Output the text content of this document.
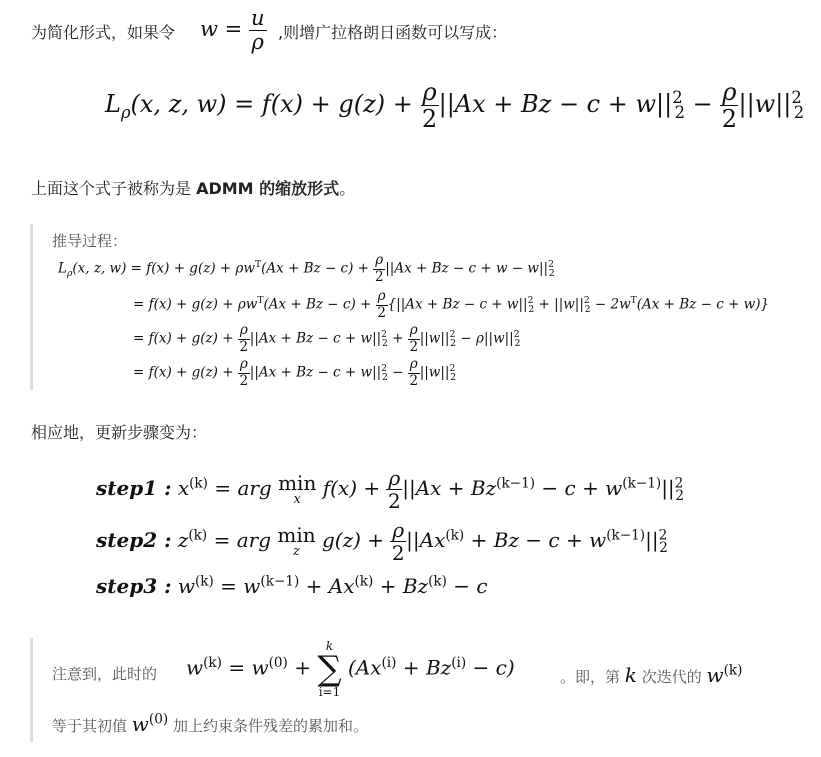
为简化形式，如果令 $w = \frac{u}{\rho}$ ,则增广拉格朗日函数可以写成：
$L_\rho(x$, z, $w) = f(x) + g(z) + \frac{\rho}{2} ||Ax + Bz - c + w||^2_2 - \frac{\rho}{2} ||w||^2_2$
上面这个式子被称为是 ADMM 的缩放形式。
推导过程：
$L_\rho(x$, z, $w) = f(x) + g(z) + \rho w^T(Ax + Bz - c) + \frac{\rho}{2} ||Ax + Bz - c + w - w||^2_2$
= $f(x) + g(z) + \rho w^T(Ax + Bz - c) + \frac{\rho}{2} \{||Ax + Bz - c + w||^2_2 + ||w||^2_2 - 2w^T(Ax + Bz - c + w)\}$
= $f(x) + g(z) + \frac{\rho}{2} ||Ax + Bz - c + w||^2_2 + \frac{\rho}{2} ||w||^2_2 - \rho||w||^2_2$
= $f(x) + g(z) + \frac{\rho}{2} ||Ax + Bz - c + w||^2_2 - \frac{\rho}{2} ||w||^2_2$
相应地，更新步骤变为：
step1 : $x^{(k)}$ = arg min
x	$f(x) + \frac{\rho}{2} ||Ax + Bz^{(k-1)} - c + w^{(k-1)}||^2_2$
step2 : $z^{(k)}$ = arg min
z	$g(z) + \frac{\rho}{2} ||Ax^{(k)} + Bz - c + w^{(k-1)}||^2_2$
step3 : $w^{(k)} = w^{(k-1)} + Ax^{(k)} + Bz^{(k)} - c$
注意到，此时的 $w^{(k)} = w^{(0)}$ +
k
∑
i=1
$(Ax^{(i)} + Bz^{(i)} - c)$	。即，第 k 次迭代的 $w^{(k)}$
等于其初值 $w^{(0)}$ 加上约束条件残差的累加和。
